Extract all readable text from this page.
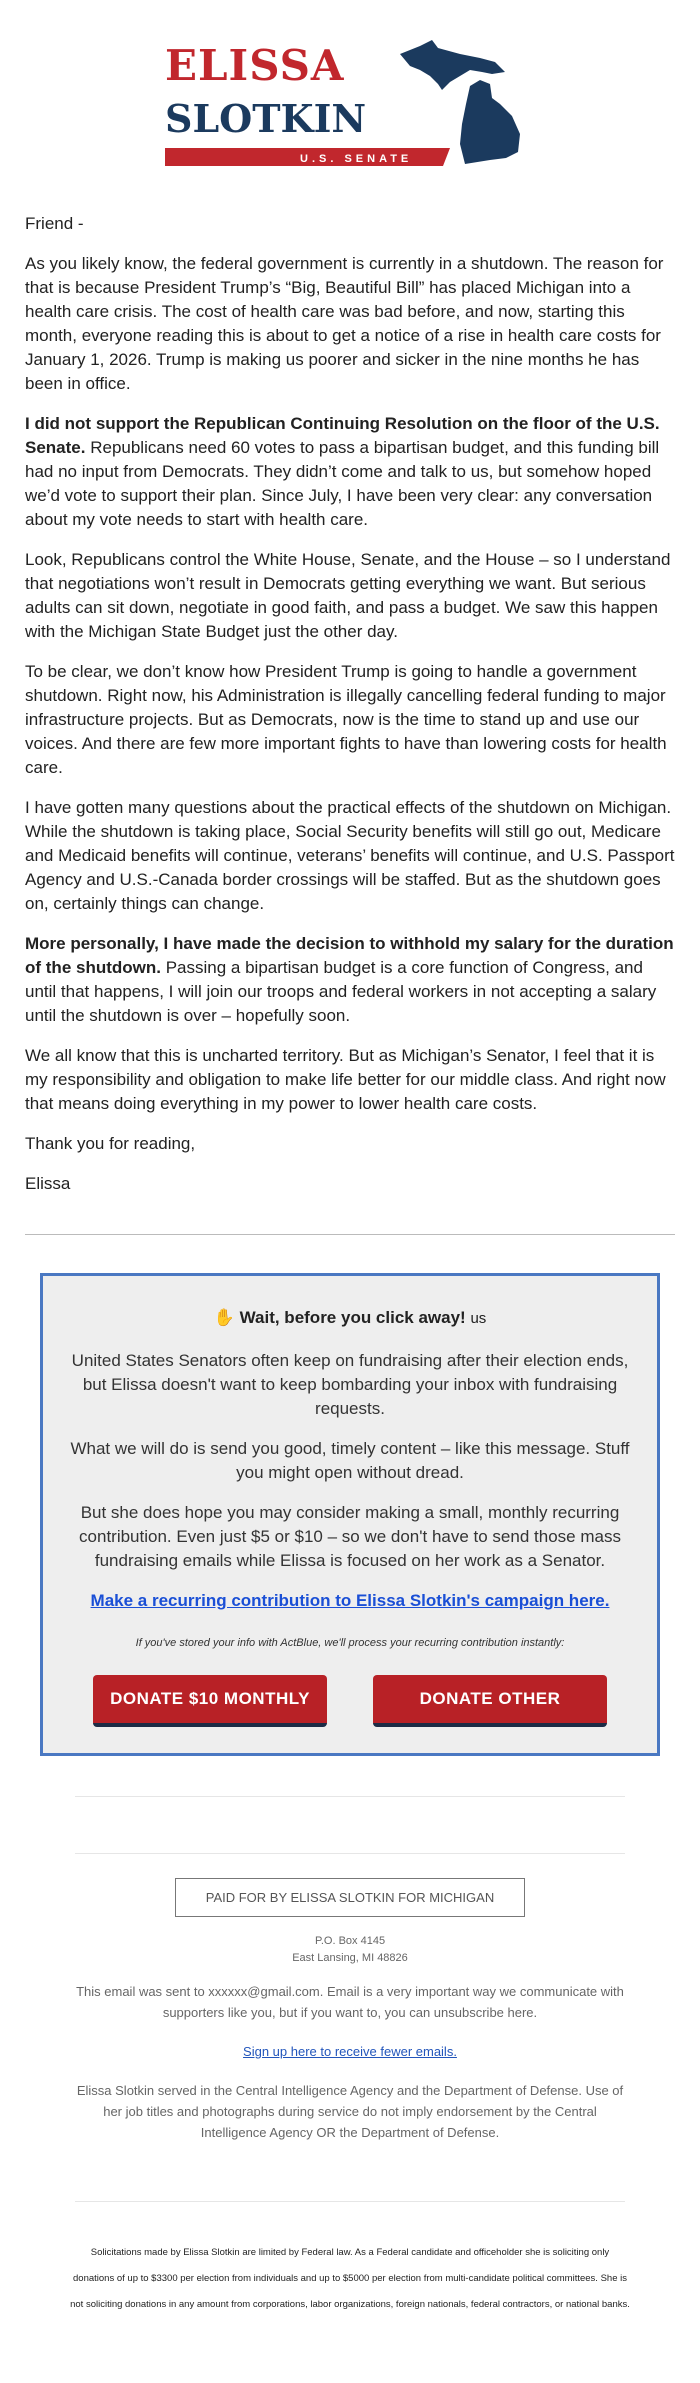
ELISSA
SLOTKIN
U.S. SENATE

Friend -

As you likely know, the federal government is currently in a shutdown. The reason for that is because President Trump’s “Big, Beautiful Bill” has placed Michigan into a health care crisis. The cost of health care was bad before, and now, starting this month, everyone reading this is about to get a notice of a rise in health care costs for January 1, 2026. Trump is making us poorer and sicker in the nine months he has been in office.

I did not support the Republican Continuing Resolution on the floor of the U.S. Senate. Republicans need 60 votes to pass a bipartisan budget, and this funding bill had no input from Democrats. They didn’t come and talk to us, but somehow hoped we’d vote to support their plan. Since July, I have been very clear: any conversation about my vote needs to start with health care.

Look, Republicans control the White House, Senate, and the House – so I understand that negotiations won’t result in Democrats getting everything we want. But serious adults can sit down, negotiate in good faith, and pass a budget. We saw this happen with the Michigan State Budget just the other day.

To be clear, we don’t know how President Trump is going to handle a government shutdown. Right now, his Administration is illegally cancelling federal funding to major infrastructure projects. But as Democrats, now is the time to stand up and use our voices. And there are few more important fights to have than lowering costs for health care.

I have gotten many questions about the practical effects of the shutdown on Michigan. While the shutdown is taking place, Social Security benefits will still go out, Medicare and Medicaid benefits will continue, veterans’ benefits will continue, and U.S. Passport Agency and U.S.-Canada border crossings will be staffed. But as the shutdown goes on, certainly things can change.

More personally, I have made the decision to withhold my salary for the duration of the shutdown. Passing a bipartisan budget is a core function of Congress, and until that happens, I will join our troops and federal workers in not accepting a salary until the shutdown is over – hopefully soon.

We all know that this is uncharted territory. But as Michigan’s Senator, I feel that it is my responsibility and obligation to make life better for our middle class. And right now that means doing everything in my power to lower health care costs.

Thank you for reading,

Elissa

✋ Wait, before you click away! us

United States Senators often keep on fundraising after their election ends, but Elissa doesn't want to keep bombarding your inbox with fundraising requests.

What we will do is send you good, timely content – like this message. Stuff you might open without dread.

But she does hope you may consider making a small, monthly recurring contribution. Even just $5 or $10 – so we don't have to send those mass fundraising emails while Elissa is focused on her work as a Senator.

Make a recurring contribution to Elissa Slotkin's campaign here.

If you've stored your info with ActBlue, we'll process your recurring contribution instantly:

DONATE $10 MONTHLY	DONATE OTHER
PAID FOR BY ELISSA SLOTKIN FOR MICHIGAN
P.O. Box 4145
East Lansing, MI 48826

This email was sent to xxxxxx@gmail.com. Email is a very important way we communicate with supporters like you, but if you want to, you can unsubscribe here.

Sign up here to receive fewer emails.

Elissa Slotkin served in the Central Intelligence Agency and the Department of Defense. Use of her job titles and photographs during service do not imply endorsement by the Central Intelligence Agency OR the Department of Defense.

Solicitations made by Elissa Slotkin are limited by Federal law. As a Federal candidate and officeholder she is soliciting only donations of up to $3300 per election from individuals and up to $5000 per election from multi-candidate political committees. She is not soliciting donations in any amount from corporations, labor organizations, foreign nationals, federal contractors, or national banks.
